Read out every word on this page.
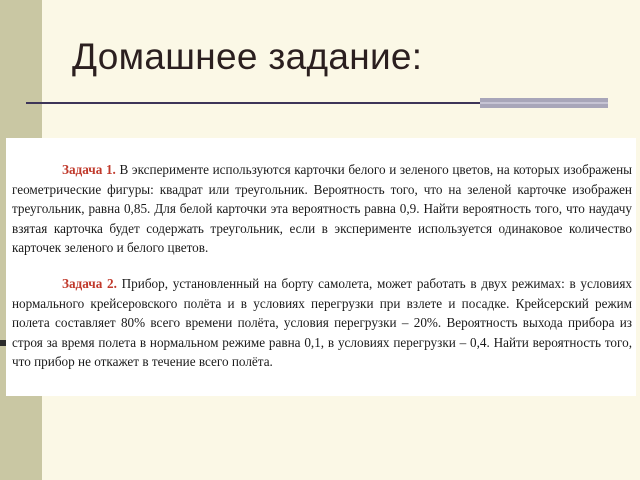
Домашнее задание:

Задача 1. В эксперименте используются карточки белого и зеленого цветов, на которых изображены геометрические фигуры: квадрат или треугольник. Вероятность того, что на зеленой карточке изображен треугольник, равна 0,85. Для белой карточки эта вероятность равна 0,9. Найти вероятность того, что наудачу взятая карточка будет содержать треугольник, если в эксперименте используется одинаковое количество карточек зеленого и белого цветов.

Задача 2. Прибор, установленный на борту самолета, может работать в двух режимах: в условиях нормального крейсеровского полёта и в условиях перегрузки при взлете и посадке. Крейсерский режим полета составляет 80% всего времени полёта, условия перегрузки – 20%. Вероятность выхода прибора из строя за время полета в нормальном режиме равна 0,1, в условиях перегрузки – 0,4. Найти вероятность того, что прибор не откажет в течение всего полёта.
